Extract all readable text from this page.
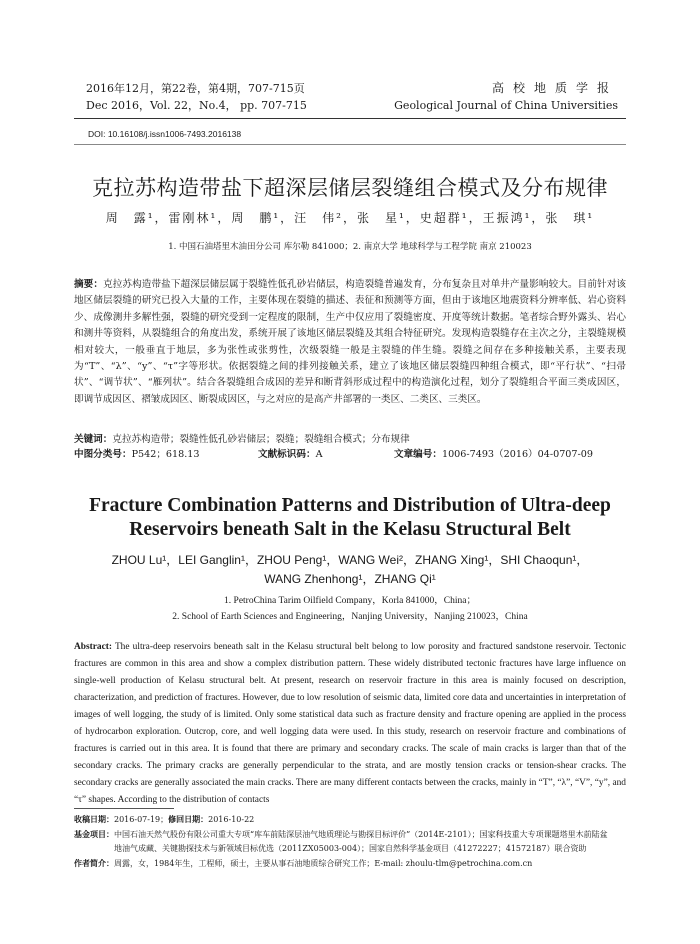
2016年12月，第22卷，第4期，707-715页
Dec 2016，Vol. 22，No.4， pp. 707-715
高校地质学报
Geological Journal of China Universities
DOI: 10.16108/j.issn1006-7493.2016138
克拉苏构造带盐下超深层储层裂缝组合模式及分布规律
周　露¹，雷刚林¹，周　鹏¹，汪　伟²，张　星¹，史超群¹，王振鸿¹，张　琪¹
1. 中国石油塔里木油田分公司 库尔勒 841000；2. 南京大学 地球科学与工程学院 南京 210023
摘要：克拉苏构造带盐下超深层储层属于裂缝性低孔砂岩储层，构造裂缝普遍发育，分布复杂且对单井产量影响较大。目前针对该地区储层裂缝的研究已投入大量的工作，主要体现在裂缝的描述、表征和预测等方面，但由于该地区地震资料分辨率低、岩心资料少、成像测井多解性强，裂缝的研究受到一定程度的限制，生产中仅应用了裂缝密度、开度等统计数据。笔者综合野外露头、岩心和测井等资料，从裂缝组合的角度出发，系统开展了该地区储层裂缝及其组合特征研究。发现构造裂缝存在主次之分，主裂缝规模相对较大，一般垂直于地层，多为张性或张剪性，次级裂缝一般是主裂缝的伴生缝。裂缝之间存在多种接触关系，主要表现为“T”、“λ”、“y”、“τ”字等形状。依据裂缝之间的排列接触关系，建立了该地区储层裂缝四种组合模式，即“平行状”、“扫帚状”、“调节状”、“雁列状”。结合各裂缝组合成因的差异和断背斜形成过程中的构造演化过程，划分了裂缝组合平面三类成因区，即调节成因区、褶皱成因区、断裂成因区，与之对应的是高产井部署的一类区、二类区、三类区。
关键词：克拉苏构造带；裂缝性低孔砂岩储层；裂缝；裂缝组合模式；分布规律
中图分类号：P542；618.13	文献标识码：A	文章编号：1006-7493（2016）04-0707-09
Fracture Combination Patterns and Distribution of Ultra-deep
Reservoirs beneath Salt in the Kelasu Structural Belt
ZHOU Lu¹，LEI Ganglin¹，ZHOU Peng¹，WANG Wei²，ZHANG Xing¹，SHI Chaoqun¹，
WANG Zhenhong¹，ZHANG Qi¹
1. PetroChina Tarim Oilfield Company，Korla 841000，China；
2. School of Earth Sciences and Engineering，Nanjing University，Nanjing 210023，China
Abstract: The ultra-deep reservoirs beneath salt in the Kelasu structural belt belong to low porosity and fractured sandstone reservoir. Tectonic fractures are common in this area and show a complex distribution pattern. These widely distributed tectonic fractures have large influence on single-well production of Kelasu structural belt. At present, research on reservoir fracture in this area is mainly focused on description, characterization, and prediction of fractures. However, due to low resolution of seismic data, limited core data and uncertainties in interpretation of images of well logging, the study of is limited. Only some statistical data such as fracture density and fracture opening are applied in the process of hydrocarbon exploration. Outcrop, core, and well logging data were used. In this study, research on reservoir fracture and combinations of fractures is carried out in this area. It is found that there are primary and secondary cracks. The scale of main cracks is larger than that of the secondary cracks. The primary cracks are generally perpendicular to the strata, and are mostly tension cracks or tension-shear cracks. The secondary cracks are generally associated the main cracks. There are many different contacts between the cracks, mainly in “T”, “λ”, “V”, “y”, and “τ” shapes. According to the distribution of contacts
收稿日期： 2016-07-19； 修回日期： 2016-10-22
基金项目： 中国石油天然气股份有限公司重大专项“库车前陆深层油气地质理论与勘探目标评价”（2014E-2101）；国家科技重大专项课题塔里木前陆盆
地油气成藏、关键勘探技术与新领域目标优选（2011ZX05003-004）；国家自然科学基金项目（41272227；41572187）联合资助
作者简介： 周露，女，1984年生，工程师，硕士，主要从事石油地质综合研究工作；E-mail: zhoulu-tlm@petrochina.com.cn
